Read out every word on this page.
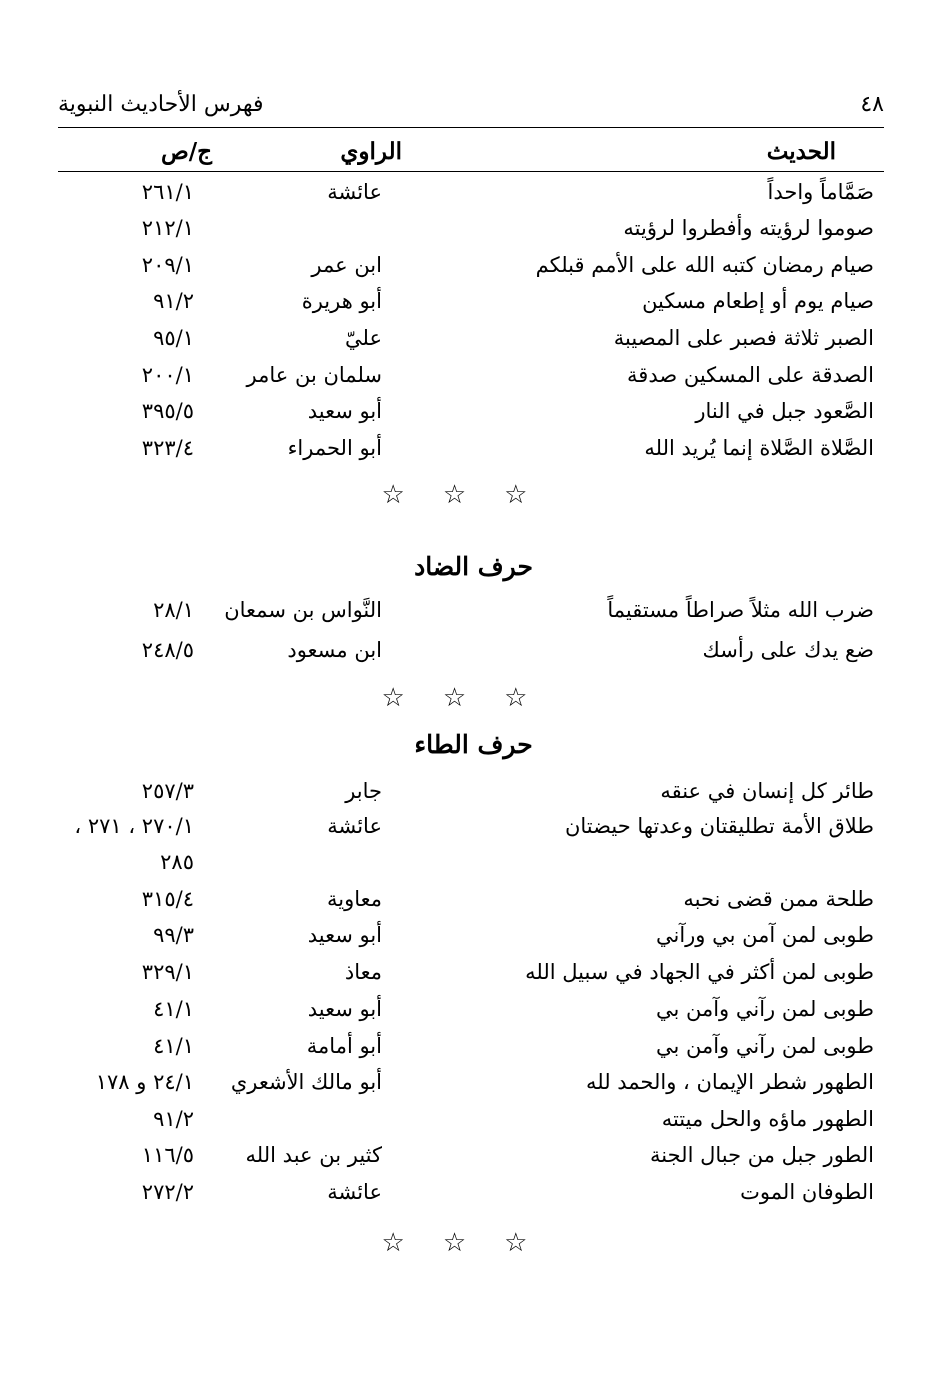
٤٨
فهرس الأحاديث النبوية
الحديث
الراوي
ج/ص
صَمَّاماً واحداً
عائشة
٢٦١/١
صوموا لرؤيته وأفطروا لرؤيته
٢١٢/١
صيام رمضان كتبه الله على الأمم قبلكم
ابن عمر
٢٠٩/١
صيام يوم أو إطعام مسكين
أبو هريرة
٩١/٢
الصبر ثلاثة فصبر على المصيبة
عليّ
٩٥/١
الصدقة على المسكين صدقة
سلمان بن عامر
٢٠٠/١
الصَّعود جبل في النار
أبو سعيد
٣٩٥/٥
الصَّلاة الصَّلاة إنما يُريد الله
أبو الحمراء
٣٢٣/٤
☆☆☆
حرف الضاد
ضرب الله مثلاً صراطاً مستقيماً
النَّواس بن سمعان
٢٨/١
ضع يدك على رأسك
ابن مسعود
٢٤٨/٥
☆☆☆
حرف الطاء
طائر كل إنسان في عنقه
جابر
٢٥٧/٣
طلاق الأمة تطليقتان وعدتها حيضتان
عائشة
٢٧٠/١ ، ٢٧١ ،
٢٨٥
طلحة ممن قضى نحبه
معاوية
٣١٥/٤
طوبى لمن آمن بي ورآني
أبو سعيد
٩٩/٣
طوبى لمن أكثر في الجهاد في سبيل الله
معاذ
٣٢٩/١
طوبى لمن رآني وآمن بي
أبو سعيد
٤١/١
طوبى لمن رآني وآمن بي
أبو أمامة
٤١/١
الطهور شطر الإيمان ، والحمد لله
أبو مالك الأشعري
٢٤/١ و ١٧٨
الطهور ماؤه والحل ميتته
٩١/٢
الطور جبل من جبال الجنة
كثير بن عبد الله
١١٦/٥
الطوفان الموت
عائشة
٢٧٢/٢
☆☆☆
